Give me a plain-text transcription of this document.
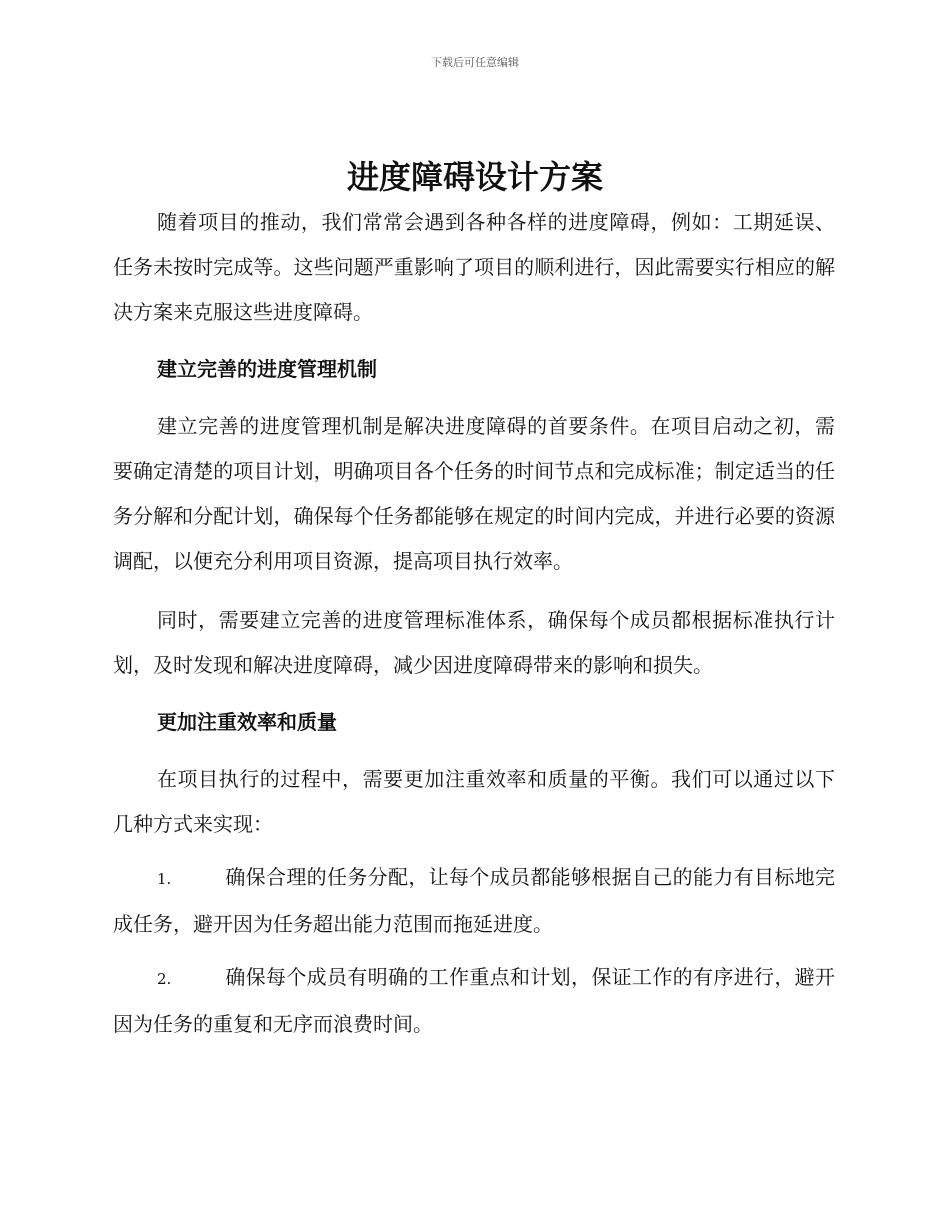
下载后可任意编辑
进度障碍设计方案

随着项目的推动，我们常常会遇到各种各样的进度障碍，例如：工期延误、任务未按时完成等。这些问题严重影响了项目的顺利进行，因此需要实行相应的解决方案来克服这些进度障碍。

建立完善的进度管理机制

建立完善的进度管理机制是解决进度障碍的首要条件。在项目启动之初，需要确定清楚的项目计划，明确项目各个任务的时间节点和完成标准；制定适当的任务分解和分配计划，确保每个任务都能够在规定的时间内完成，并进行必要的资源调配，以便充分利用项目资源，提高项目执行效率。

同时，需要建立完善的进度管理标准体系，确保每个成员都根据标准执行计划，及时发现和解决进度障碍，减少因进度障碍带来的影响和损失。

更加注重效率和质量

在项目执行的过程中，需要更加注重效率和质量的平衡。我们可以通过以下几种方式来实现：

1.	确保合理的任务分配，让每个成员都能够根据自己的能力有目标地完成任务，避开因为任务超出能力范围而拖延进度。
2.	确保每个成员有明确的工作重点和计划，保证工作的有序进行，避开因为任务的重复和无序而浪费时间。
